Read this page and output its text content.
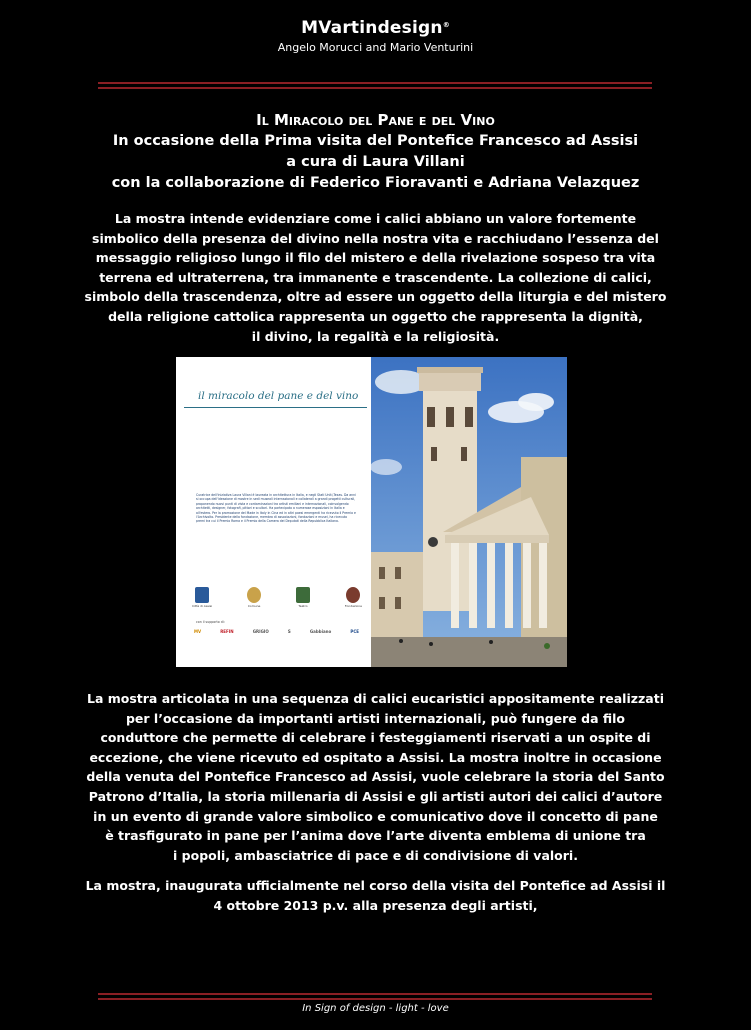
MVartindesign®
Angelo Morucci and Mario Venturini
Il Miracolo del Pane e del Vino
In occasione della Prima visita del Pontefice Francesco ad Assisi
a cura di Laura Villani
con la collaborazione di Federico Fioravanti e Adriana Velazquez
La mostra intende evidenziare come i calici abbiano un valore fortemente
simbolico della presenza del divino nella nostra vita e racchiudano l’essenza del
messaggio religioso lungo il filo del mistero e della rivelazione sospeso tra vita
terrena ed ultraterrena, tra immanente e trascendente. La collezione di calici,
simbolo della trascendenza, oltre ad essere un oggetto della liturgia e del mistero
della religione cattolica rappresenta un oggetto che rappresenta la dignità,
il divino, la regalità e la religiosità.
il miracolo del pane e del vino
Curatrice dell'iniziativa Laura Villani è laureata in architettura in Italia, e negli Stati Uniti,Texas. Da anni si occupa dell'ideazione di mostre in sedi museali internazionali e collaterali a grandi progetti culturali, proponendo nuovi punti di vista e contaminazioni tra artisti emiliani e internazionali, coinvolgendo architetti, designer, fotografi, pittori e scultori. Ha partecipato a numerose esposizioni in Italia e all'estero. Per la promozione del Made in Italy in Cina ed in altri paesi emergenti ha ricevuto il Premio e l'Archivolto. Presidente della fondazione, membro di associazioni, fondazioni e musei, ha ricevuto premi tra cui il Premio Roma e il Premio della Camera dei Deputati della Repubblica Italiana.
Città di Assisi	Comune	Teatro	Fondazione
con il supporto di:
MV	REFIN	GRIGIO	S	Gabbiano	PCE
La mostra articolata in una sequenza di calici eucaristici appositamente realizzati
per l’occasione da importanti artisti internazionali, può fungere da filo
conduttore che permette di celebrare i festeggiamenti riservati a un ospite di
eccezione, che viene ricevuto ed ospitato a Assisi. La mostra inoltre in occasione
della venuta del Pontefice Francesco ad Assisi, vuole celebrare la storia del Santo
Patrono d’Italia, la storia millenaria di Assisi e gli artisti autori dei calici d’autore
in un evento di grande valore simbolico e comunicativo dove il concetto di pane
è trasfigurato in pane per l’anima dove l’arte diventa emblema di unione tra
i popoli, ambasciatrice di pace e di condivisione di valori.
La mostra, inaugurata ufficialmente nel corso della visita del Pontefice ad Assisi il
4 ottobre 2013 p.v. alla presenza degli artisti,
In Sign of design - light - love
